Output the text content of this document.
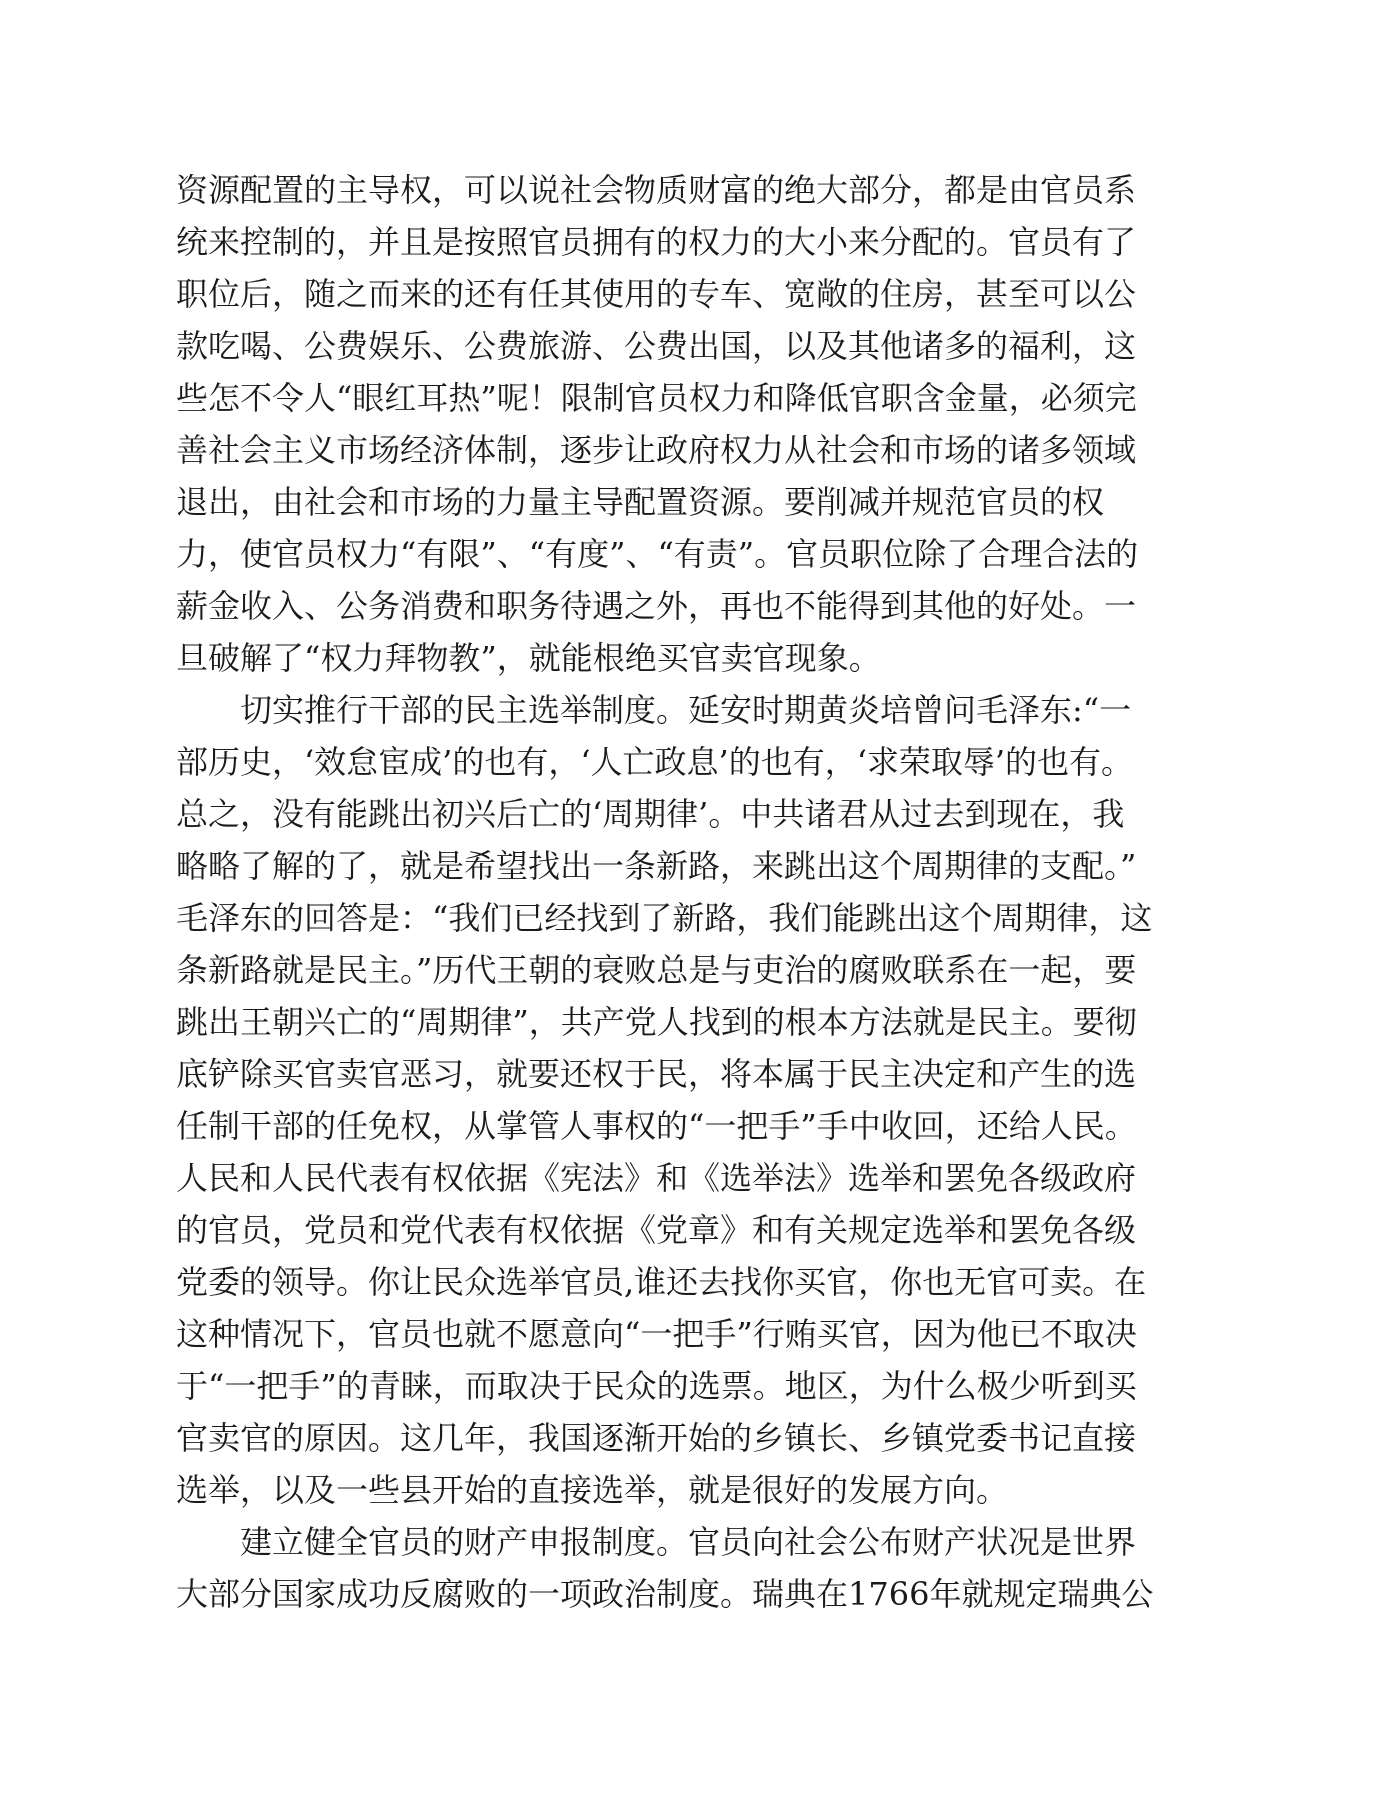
资源配置的主导权，可以说社会物质财富的绝大部分，都是由官员系
统来控制的，并且是按照官员拥有的权力的大小来分配的。官员有了
职位后，随之而来的还有任其使用的专车、宽敞的住房，甚至可以公
款吃喝、公费娱乐、公费旅游、公费出国，以及其他诸多的福利，这
些怎不令人“眼红耳热”呢！限制官员权力和降低官职含金量，必须完
善社会主义市场经济体制，逐步让政府权力从社会和市场的诸多领域
退出，由社会和市场的力量主导配置资源。要削减并规范官员的权
力，使官员权力“有限”、“有度”、“有责”。官员职位除了合理合法的
薪金收入、公务消费和职务待遇之外，再也不能得到其他的好处。一
旦破解了“权力拜物教”，就能根绝买官卖官现象。
切实推行干部的民主选举制度。延安时期黄炎培曾问毛泽东:“一
部历史，‘效怠宦成’的也有，‘人亡政息’的也有，‘求荣取辱’的也有。
总之，没有能跳出初兴后亡的‘周期律’。中共诸君从过去到现在，我
略略了解的了，就是希望找出一条新路，来跳出这个周期律的支配。”
毛泽东的回答是：“我们已经找到了新路，我们能跳出这个周期律，这
条新路就是民主。”历代王朝的衰败总是与吏治的腐败联系在一起，要
跳出王朝兴亡的“周期律”，共产党人找到的根本方法就是民主。要彻
底铲除买官卖官恶习，就要还权于民，将本属于民主决定和产生的选
任制干部的任免权，从掌管人事权的“一把手”手中收回，还给人民。
人民和人民代表有权依据《宪法》和《选举法》选举和罢免各级政府
的官员，党员和党代表有权依据《党章》和有关规定选举和罢免各级
党委的领导。你让民众选举官员,谁还去找你买官，你也无官可卖。在
这种情况下，官员也就不愿意向“一把手”行贿买官，因为他已不取决
于“一把手”的青睐，而取决于民众的选票。地区，为什么极少听到买
官卖官的原因。这几年，我国逐渐开始的乡镇长、乡镇党委书记直接
选举，以及一些县开始的直接选举，就是很好的发展方向。
建立健全官员的财产申报制度。官员向社会公布财产状况是世界
大部分国家成功反腐败的一项政治制度。瑞典在1766年就规定瑞典公
